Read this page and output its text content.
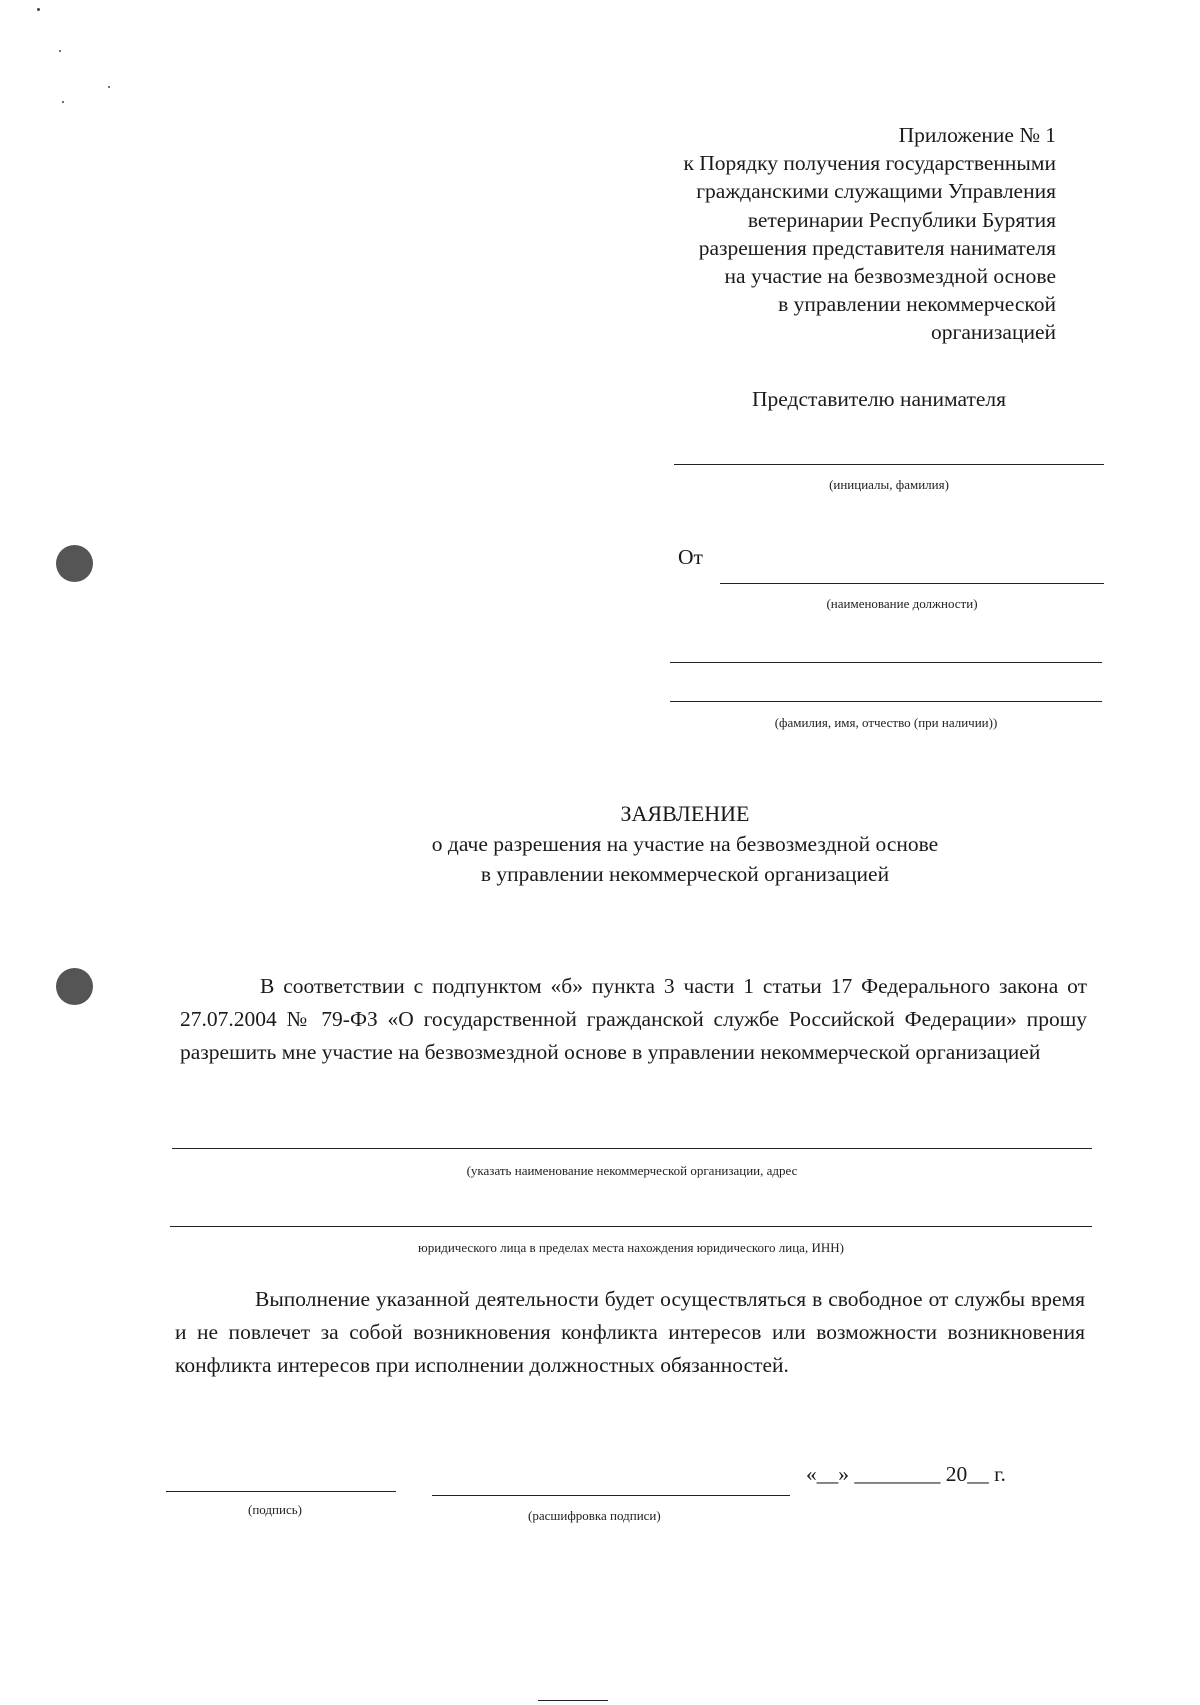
Приложение № 1
к Порядку получения государственными
гражданскими служащими Управления
ветеринарии Республики Бурятия
разрешения представителя нанимателя
на участие на безвозмездной основе
в управлении некоммерческой
организацией
Представителю нанимателя
(инициалы, фамилия)
От
(наименование должности)
(фамилия, имя, отчество (при наличии))
ЗАЯВЛЕНИЕ
о даче разрешения на участие на безвозмездной основе
в управлении некоммерческой организацией
В соответствии с подпунктом «б» пункта 3 части 1 статьи 17 Федерального закона от 27.07.2004 № 79-ФЗ «О государственной гражданской службе Российской Федерации» прошу разрешить мне участие на безвозмездной основе в управлении некоммерческой организацией
(указать наименование некоммерческой организации, адрес
юридического лица в пределах места нахождения юридического лица, ИНН)
Выполнение указанной деятельности будет осуществляться в свободное от службы время и не повлечет за собой возникновения конфликта интересов или возможности возникновения конфликта интересов при исполнении должностных обязанностей.
«__» ________ 20__ г.
(подпись)	(расшифровка подписи)
